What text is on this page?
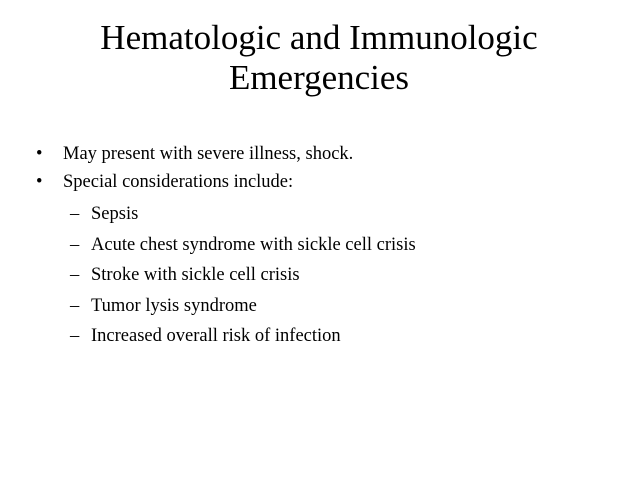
Hematologic and Immunologic
Emergencies
• May present with severe illness, shock.
• Special considerations include:
– Sepsis
– Acute chest syndrome with sickle cell crisis
– Stroke with sickle cell crisis
– Tumor lysis syndrome
– Increased overall risk of infection
